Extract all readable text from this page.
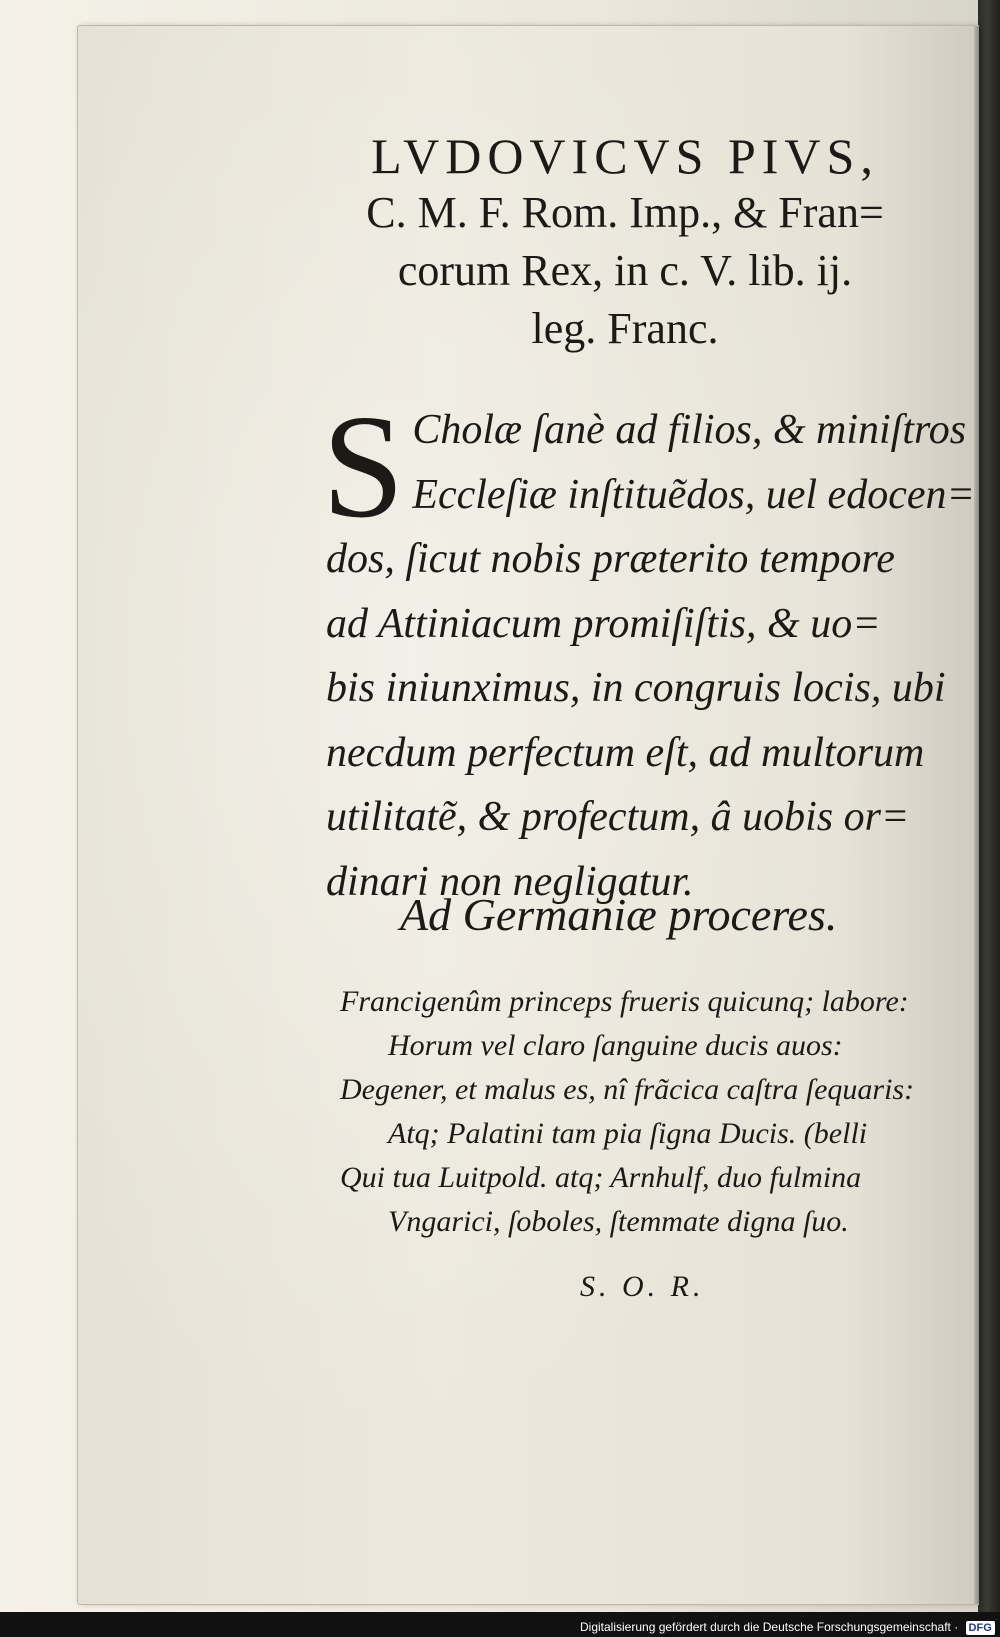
LVDOVICVS PIVS,
C. M. F. Rom. Imp., & Fran=
corum Rex, in c. V. lib. ij.
leg. Franc.
S Cholæ ſanè ad filios, & miniſtros
Eccleſiæ inſtituẽdos, uel edocen=
dos, ſicut nobis præterito tempore
ad Attiniacum promiſiſtis, & uo=
bis iniunximus, in congruis locis, ubi
necdum perfectum eſt, ad multorum
utilitatẽ, & profectum, â uobis or=
dinari non negligatur.
Ad Germaniæ proceres.
Francigenûm princeps frueris quicunq; labore:
Horum vel claro ſanguine ducis auos:
Degener, et malus es, nî frãcica caſtra ſequaris:
Atq; Palatini tam pia ſigna Ducis. (belli
Qui tua Luitpold. atq; Arnhulf, duo fulmina
Vngarici, ſoboles, ſtemmate digna ſuo.
S. O. R.
Digitalisierung gefördert durch die Deutsche Forschungsgemeinschaft · DFG
